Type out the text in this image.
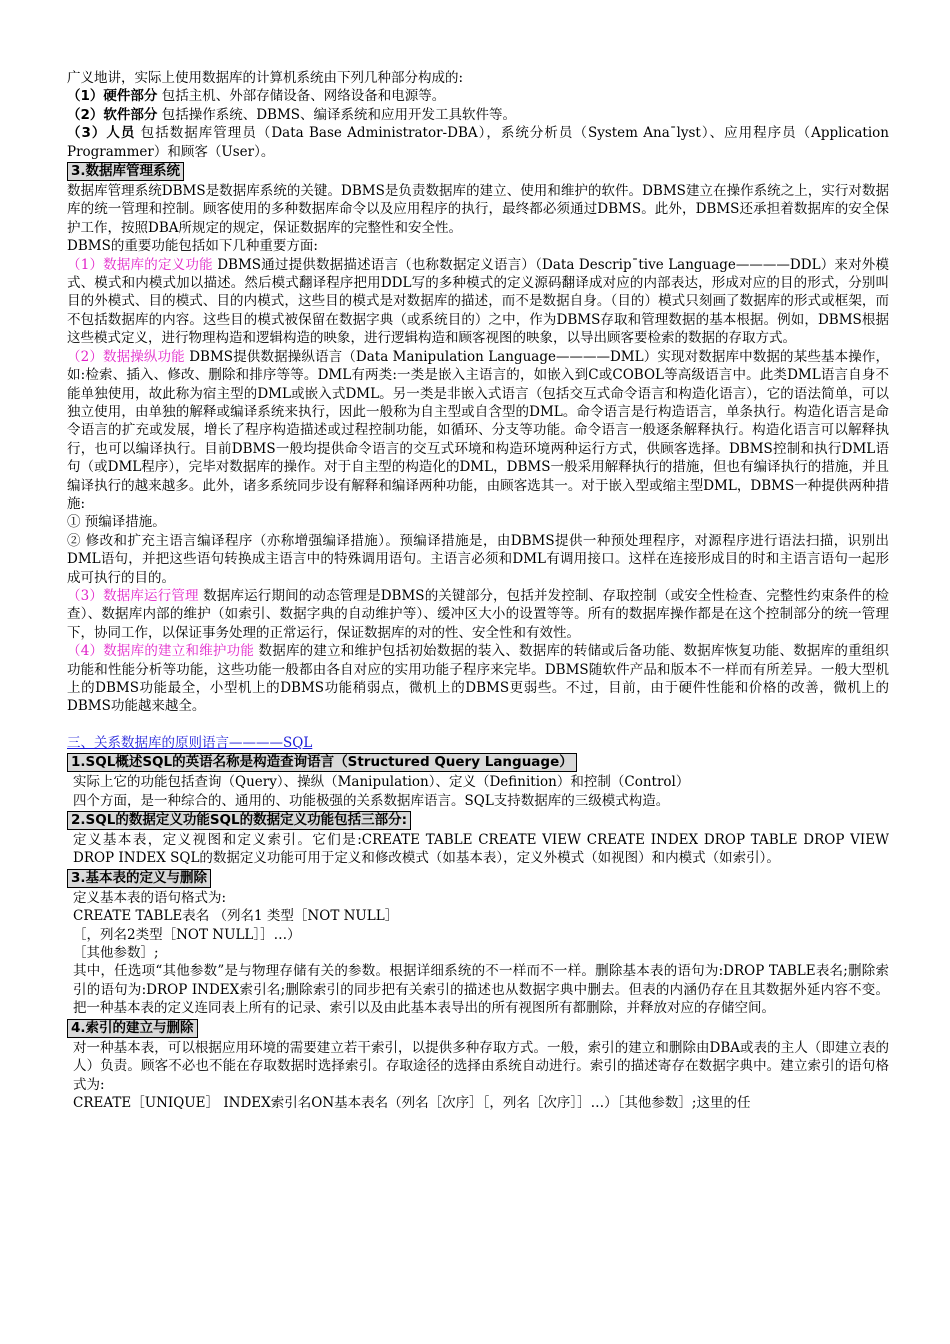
广义地讲，实际上使用数据库的计算机系统由下列几种部分构成的:

（1）硬件部分 包括主机、外部存储设备、网络设备和电源等。

（2）软件部分 包括操作系统、DBMS、编译系统和应用开发工具软件等。

（3）人员 包括数据库管理员（Data Base Administrator-DBA），系统分析员（System Ana¯lyst）、应用程序员（Application Programmer）和顾客（User）。

3.数据库管理系统

数据库管理系统DBMS是数据库系统的关键。DBMS是负责数据库的建立、使用和维护的软件。DBMS建立在操作系统之上，实行对数据库的统一管理和控制。顾客使用的多种数据库命令以及应用程序的执行，最终都必须通过DBMS。此外，DBMS还承担着数据库的安全保护工作，按照DBA所规定的规定，保证数据库的完整性和安全性。

DBMS的重要功能包括如下几种重要方面:

（1）数据库的定义功能 DBMS通过提供数据描述语言（也称数据定义语言）（Data Descrip¯tive Language————DDL）来对外模式、模式和内模式加以描述。然后模式翻译程序把用DDL写的多种模式的定义源码翻译成对应的内部表达，形成对应的目的形式，分别叫目的外模式、目的模式、目的内模式，这些目的模式是对数据库的描述，而不是数据自身。（目的）模式只刻画了数据库的形式或框架，而不包括数据库的内容。这些目的模式被保留在数据字典（或系统目的）之中，作为DBMS存取和管理数据的基本根据。例如，DBMS根据这些模式定义，进行物理构造和逻辑构造的映象，进行逻辑构造和顾客视图的映象，以导出顾客要检索的数据的存取方式。

（2）数据操纵功能 DBMS提供数据操纵语言（Data Manipulation Language————DML）实现对数据库中数据的某些基本操作，如:检索、插入、修改、删除和排序等等。DML有两类:一类是嵌入主语言的，如嵌入到C或COBOL等高级语言中。此类DML语言自身不能单独使用，故此称为宿主型的DML或嵌入式DML。另一类是非嵌入式语言（包括交互式命令语言和构造化语言），它的语法简单，可以独立使用，由单独的解释或编译系统来执行，因此一般称为自主型或自含型的DML。命令语言是行构造语言，单条执行。构造化语言是命令语言的扩充或发展，增长了程序构造描述或过程控制功能，如循环、分支等功能。命令语言一般逐条解释执行。构造化语言可以解释执行，也可以编译执行。目前DBMS一般均提供命令语言的交互式环境和构造环境两种运行方式，供顾客选择。DBMS控制和执行DML语句（或DML程序），完毕对数据库的操作。对于自主型的构造化的DML，DBMS一般采用解释执行的措施，但也有编译执行的措施，并且编译执行的越来越多。此外，诸多系统同步设有解释和编译两种功能，由顾客选其一。对于嵌入型或缩主型DML，DBMS一种提供两种措施:

① 预编译措施。

② 修改和扩充主语言编译程序（亦称增强编译措施）。预编译措施是，由DBMS提供一种预处理程序，对源程序进行语法扫描，识别出DML语句，并把这些语句转换成主语言中的特殊调用语句。主语言必须和DML有调用接口。这样在连接形成目的时和主语言语句一起形成可执行的目的。

（3）数据库运行管理 数据库运行期间的动态管理是DBMS的关键部分，包括并发控制、存取控制（或安全性检查、完整性约束条件的检查）、数据库内部的维护（如索引、数据字典的自动维护等）、缓冲区大小的设置等等。所有的数据库操作都是在这个控制部分的统一管理下，协同工作，以保证事务处理的正常运行，保证数据库的对的性、安全性和有效性。

（4）数据库的建立和维护功能 数据库的建立和维护包括初始数据的装入、数据库的转储或后备功能、数据库恢复功能、数据库的重组织功能和性能分析等功能，这些功能一般都由各自对应的实用功能子程序来完毕。DBMS随软件产品和版本不一样而有所差异。一般大型机上的DBMS功能最全，小型机上的DBMS功能稍弱点，微机上的DBMS更弱些。不过，目前，由于硬件性能和价格的改善，微机上的DBMS功能越来越全。

三、关系数据库的原则语言————SQL

1.SQL概述SQL的英语名称是构造查询语言（Structured Query Language）

实际上它的功能包括查询（Query）、操纵（Manipulation）、定义（Definition）和控制（Control）

四个方面，是一种综合的、通用的、功能极强的关系数据库语言。SQL支持数据库的三级模式构造。

2.SQL的数据定义功能SQL的数据定义功能包括三部分:

定义基本表，定义视图和定义索引。它们是:CREATE TABLE CREATE VIEW CREATE INDEX DROP TABLE DROP VIEW DROP INDEX SQL的数据定义功能可用于定义和修改模式（如基本表），定义外模式（如视图）和内模式（如索引）。

3.基本表的定义与删除

定义基本表的语句格式为:

CREATE TABLE表名 （列名1 类型［NOT NULL］

［，列名2类型［NOT NULL］］…）

［其他参数］;

其中，任选项“其他参数”是与物理存储有关的参数。根据详细系统的不一样而不一样。删除基本表的语句为:DROP TABLE表名;删除索引的语句为:DROP INDEX索引名;删除索引的同步把有关索引的描述也从数据字典中删去。但表的内涵仍存在且其数据外延内容不变。把一种基本表的定义连同表上所有的记录、索引以及由此基本表导出的所有视图所有都删除，并释放对应的存储空间。

4.索引的建立与删除

对一种基本表，可以根据应用环境的需要建立若干索引，以提供多种存取方式。一般，索引的建立和删除由DBA或表的主人（即建立表的人）负责。顾客不必也不能在存取数据时选择索引。存取途径的选择由系统自动进行。索引的描述寄存在数据字典中。建立索引的语句格式为:

CREATE［UNIQUE］ INDEX索引名ON基本表名（列名［次序］［，列名［次序］］…）［其他参数］;这里的任
